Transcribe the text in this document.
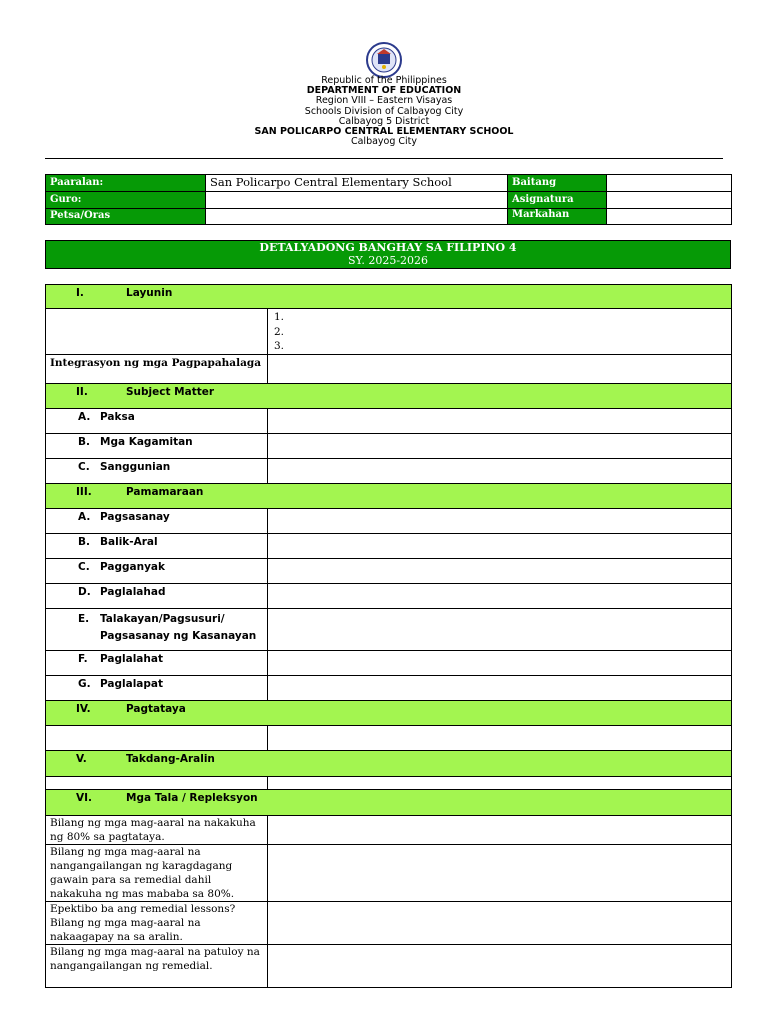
Republic of the Philippines
DEPARTMENT OF EDUCATION
Region VIII – Eastern Visayas
Schools Division of Calbayog City
Calbayog 5 District
SAN POLICARPO CENTRAL ELEMENTARY SCHOOL
Calbayog City
Paaralan:	San Policarpo Central Elementary School	Baitang	
Guro:		Asignatura	
Petsa/Oras		Markahan	
DETALYADONG BANGHAY SA FILIPINO 4
SY. 2025-2026
I. Layunin	

	1.
2.
3.

Integrasyon ng mga Pagpapahalaga	
II. Subject Matter	
A. Paksa	
B. Mga Kagamitan	
C. Sanggunian	
III. Pamamaraan	
A. Pagsasanay	
B. Balik-Aral	
C. Pagganyak	
D. Paglalahad	
E. Talakayan/Pagsusuri/
Pagsasanay ng Kasanayan	
F. Paglalahat	
G. Paglalapat	
IV. Pagtataya	

V. Takdang-Aralin	

VI. Mga Tala / Repleksyon	
Bilang ng mga mag-aaral na nakakuha ng 80% sa pagtataya.	
Bilang ng mga mag-aaral na nangangailangan ng karagdagang gawain para sa remedial dahil nakakuha ng mas mababa sa 80%.	
Epektibo ba ang remedial lessons? Bilang ng mga mag-aaral na nakaagapay na sa aralin.	
Bilang ng mga mag-aaral na patuloy na nangangailangan ng remedial.	
